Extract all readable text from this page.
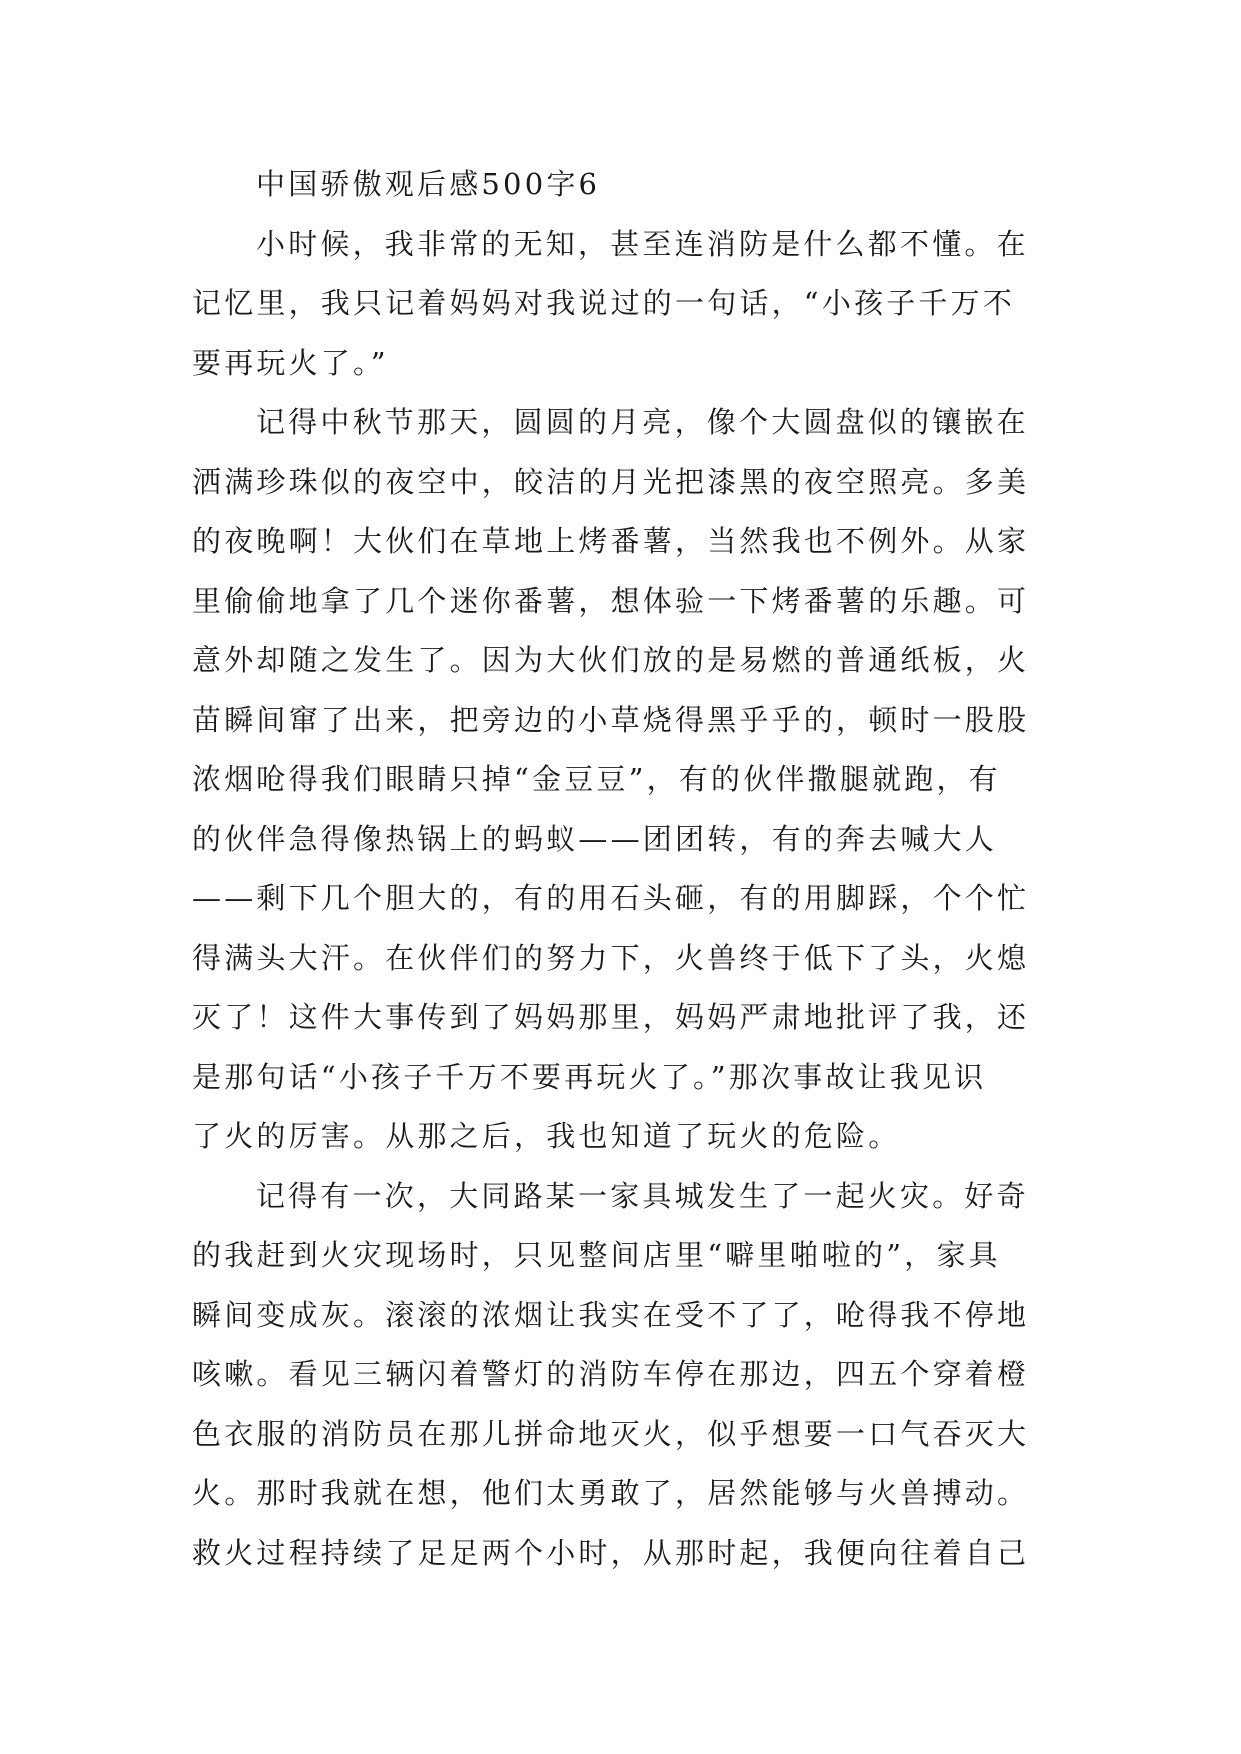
中国骄傲观后感500字6
小时候，我非常的无知，甚至连消防是什么都不懂。在
记忆里，我只记着妈妈对我说过的一句话，“小孩子千万不
要再玩火了。”
记得中秋节那天，圆圆的月亮，像个大圆盘似的镶嵌在
洒满珍珠似的夜空中，皎洁的月光把漆黑的夜空照亮。多美
的夜晚啊！大伙们在草地上烤番薯，当然我也不例外。从家
里偷偷地拿了几个迷你番薯，想体验一下烤番薯的乐趣。可
意外却随之发生了。因为大伙们放的是易燃的普通纸板，火
苗瞬间窜了出来，把旁边的小草烧得黑乎乎的，顿时一股股
浓烟呛得我们眼睛只掉“金豆豆”，有的伙伴撒腿就跑，有
的伙伴急得像热锅上的蚂蚁——团团转，有的奔去喊大人
——剩下几个胆大的，有的用石头砸，有的用脚踩，个个忙
得满头大汗。在伙伴们的努力下，火兽终于低下了头，火熄
灭了！这件大事传到了妈妈那里，妈妈严肃地批评了我，还
是那句话“小孩子千万不要再玩火了。”那次事故让我见识
了火的厉害。从那之后，我也知道了玩火的危险。
记得有一次，大同路某一家具城发生了一起火灾。好奇
的我赶到火灾现场时，只见整间店里“噼里啪啦的”，家具
瞬间变成灰。滚滚的浓烟让我实在受不了了，呛得我不停地
咳嗽。看见三辆闪着警灯的消防车停在那边，四五个穿着橙
色衣服的消防员在那儿拼命地灭火，似乎想要一口气吞灭大
火。那时我就在想，他们太勇敢了，居然能够与火兽搏动。
救火过程持续了足足两个小时，从那时起，我便向往着自己
